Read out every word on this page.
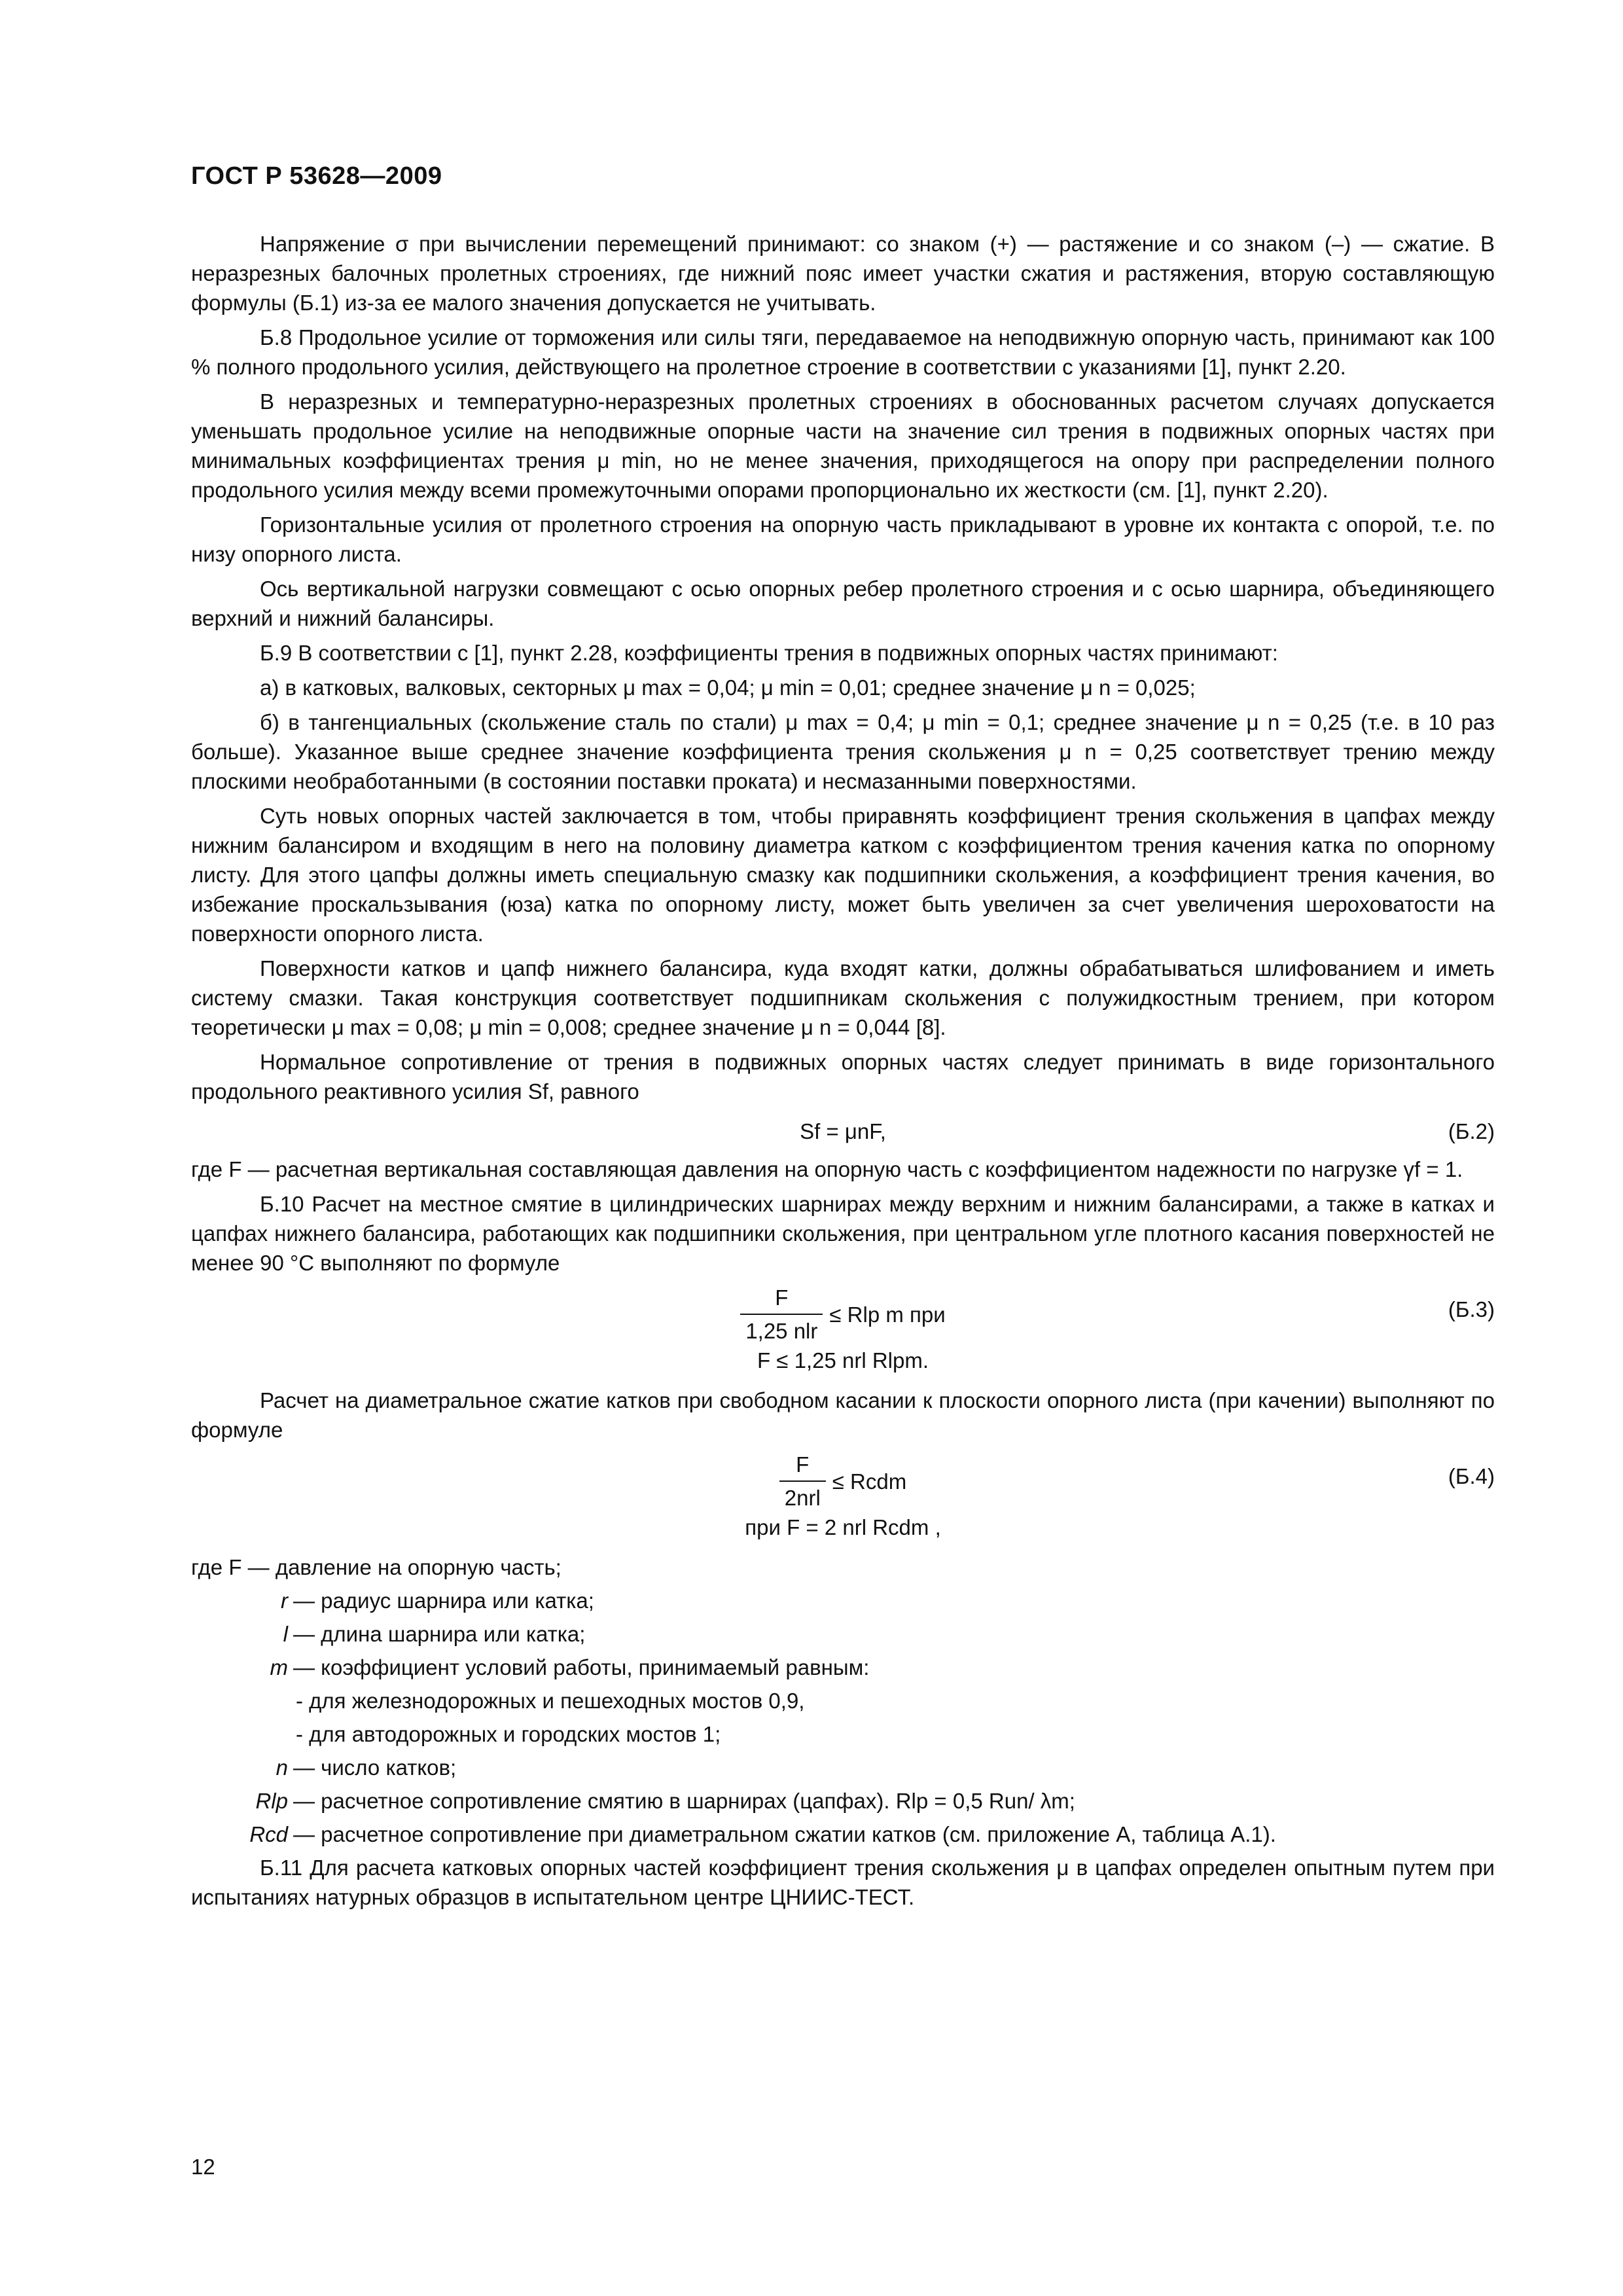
ГОСТ Р 53628—2009

Напряжение σ при вычислении перемещений принимают: со знаком (+) — растяжение и со знаком (–) — сжатие. В неразрезных балочных пролетных строениях, где нижний пояс имеет участки сжатия и растяжения, вторую составляющую формулы (Б.1) из-за ее малого значения допускается не учитывать.

Б.8 Продольное усилие от торможения или силы тяги, передаваемое на неподвижную опорную часть, принимают как 100 % полного продольного усилия, действующего на пролетное строение в соответствии с указаниями [1], пункт 2.20.

В неразрезных и температурно-неразрезных пролетных строениях в обоснованных расчетом случаях допускается уменьшать продольное усилие на неподвижные опорные части на значение сил трения в подвижных опорных частях при минимальных коэффициентах трения μ min, но не менее значения, приходящегося на опору при распределении полного продольного усилия между всеми промежуточными опорами пропорционально их жесткости (см. [1], пункт 2.20).

Горизонтальные усилия от пролетного строения на опорную часть прикладывают в уровне их контакта с опорой, т.е. по низу опорного листа.

Ось вертикальной нагрузки совмещают с осью опорных ребер пролетного строения и с осью шарнира, объединяющего верхний и нижний балансиры.

Б.9 В соответствии с [1], пункт 2.28, коэффициенты трения в подвижных опорных частях принимают:

а) в катковых, валковых, секторных μ max = 0,04; μ min = 0,01; среднее значение μ n = 0,025;

б) в тангенциальных (скольжение сталь по стали) μ max = 0,4; μ min = 0,1; среднее значение μ n = 0,25 (т.е. в 10 раз больше). Указанное выше среднее значение коэффициента трения скольжения μ n = 0,25 соответствует трению между плоскими необработанными (в состоянии поставки проката) и несмазанными поверхностями.

Суть новых опорных частей заключается в том, чтобы приравнять коэффициент трения скольжения в цапфах между нижним балансиром и входящим в него на половину диаметра катком с коэффициентом трения качения катка по опорному листу. Для этого цапфы должны иметь специальную смазку как подшипники скольжения, а коэффициент трения качения, во избежание проскальзывания (юза) катка по опорному листу, может быть увеличен за счет увеличения шероховатости на поверхности опорного листа.

Поверхности катков и цапф нижнего балансира, куда входят катки, должны обрабатываться шлифованием и иметь систему смазки. Такая конструкция соответствует подшипникам скольжения с полужидкостным трением, при котором теоретически μ max = 0,08; μ min = 0,008; среднее значение μ n = 0,044 [8].

Нормальное сопротивление от трения в подвижных опорных частях следует принимать в виде горизонтального продольного реактивного усилия Sf, равного

Sf = μnF,	(Б.2)

где F — расчетная вертикальная составляющая давления на опорную часть с коэффициентом надежности по нагрузке γf = 1.

Б.10 Расчет на местное смятие в цилиндрических шарнирах между верхним и нижним балансирами, а также в катках и цапфах нижнего балансира, работающих как подшипники скольжения, при центральном угле плотного касания поверхностей не менее 90 °С выполняют по формуле

$\frac{F}{\text{1,25 nlr}}$ ≤ Rlp m при
F ≤ 1,25 nrl Rlpm.
(Б.3)

Расчет на диаметральное сжатие катков при свободном касании к плоскости опорного листа (при качении) выполняют по формуле

$\frac{F}{\text{2nrl}}$ ≤ Rcdm
при F = 2 nrl Rcdm ,
(Б.4)

где F — давление на опорную часть;

r — радиус шарнира или катка;
l — длина шарнира или катка;
m — коэффициент условий работы, принимаемый равным:

- для железнодорожных и пешеходных мостов 0,9,

- для автодорожных и городских мостов 1;

n — число катков;
Rlp — расчетное сопротивление смятию в шарнирах (цапфах). Rlp = 0,5 Run/ λm;
Rcd — расчетное сопротивление при диаметральном сжатии катков (см. приложение А, таблица А.1).

Б.11 Для расчета катковых опорных частей коэффициент трения скольжения μ в цапфах определен опытным путем при испытаниях натурных образцов в испытательном центре ЦНИИС-ТЕСТ.

12
